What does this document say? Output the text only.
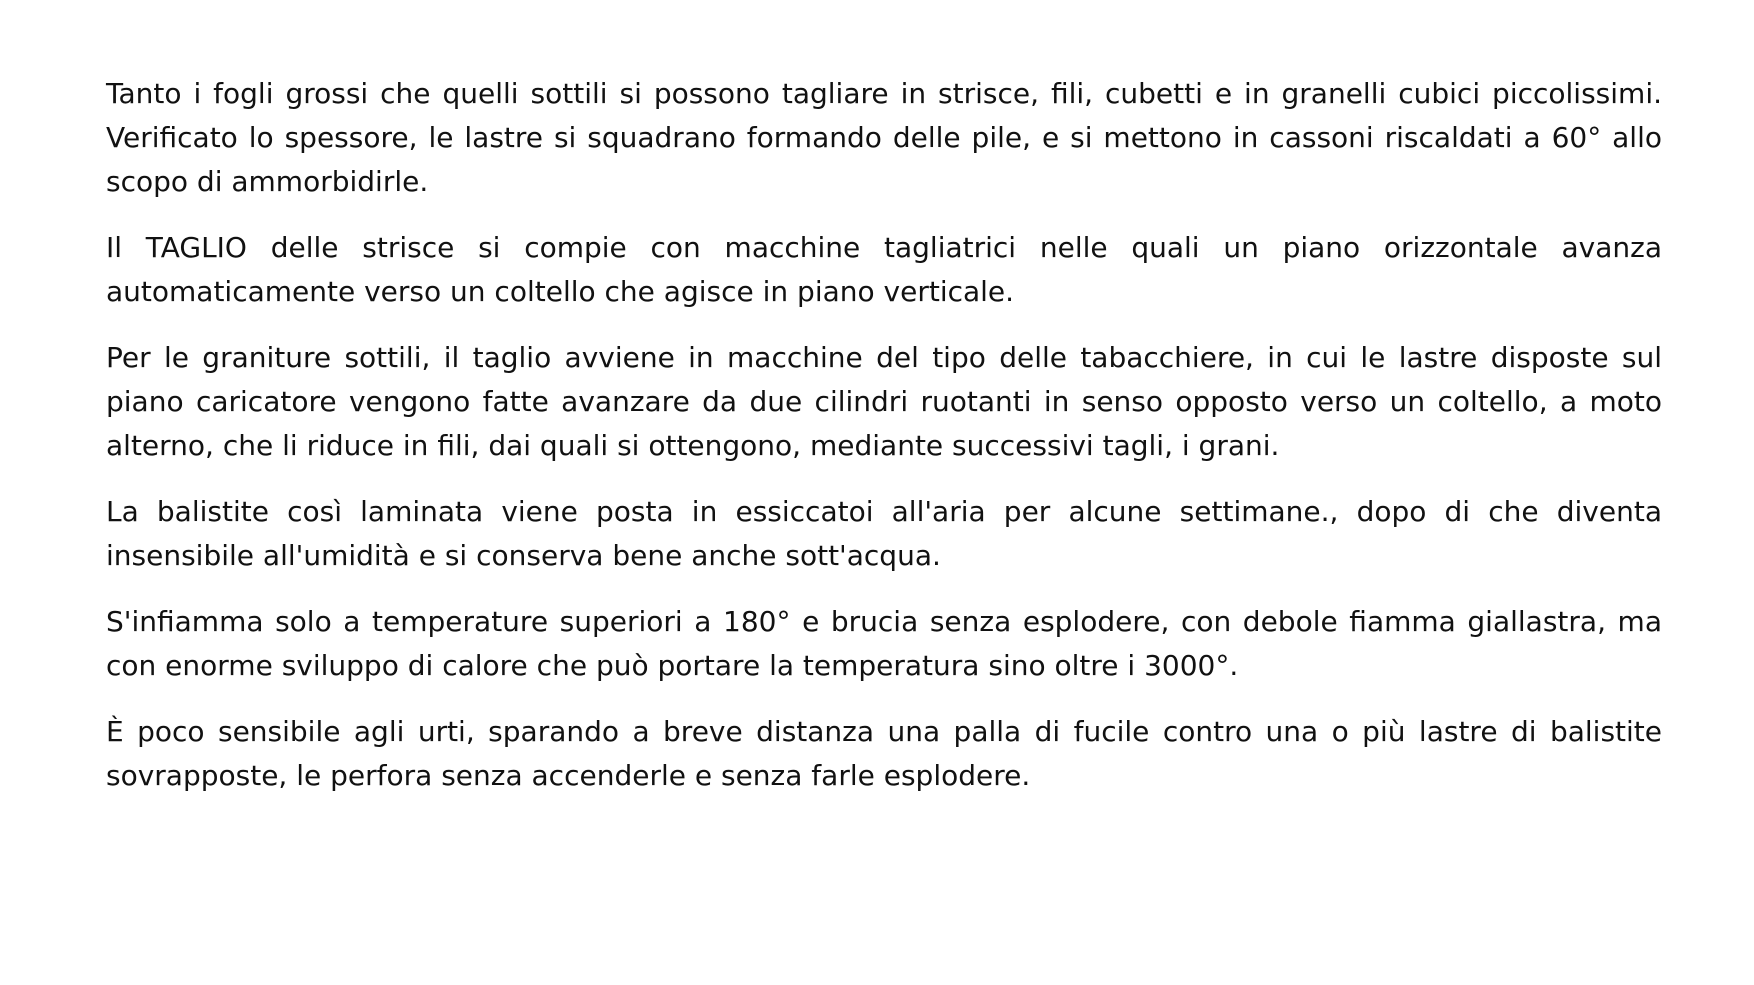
Tanto i fogli grossi che quelli sottili si possono tagliare in strisce, fili, cubetti e in granelli cubici piccolissimi. Verificato lo spessore, le lastre si squadrano formando delle pile, e si mettono in cassoni riscaldati a 60° allo scopo di ammorbidirle.

Il TAGLIO delle strisce si compie con macchine tagliatrici nelle quali un piano orizzontale avanza automaticamente verso un coltello che agisce in piano verticale.

Per le graniture sottili, il taglio avviene in macchine del tipo delle tabacchiere, in cui le lastre disposte sul piano caricatore vengono fatte avanzare da due cilindri ruotanti in senso opposto verso un coltello, a moto alterno, che li riduce in fili, dai quali si ottengono, mediante successivi tagli, i grani.

La balistite così laminata viene posta in essiccatoi all'aria per alcune settimane., dopo di che diventa insensibile all'umidità e si conserva bene anche sott'acqua.

S'infiamma solo a temperature superiori a 180° e brucia senza esplodere, con debole fiamma giallastra, ma con enorme sviluppo di calore che può portare la temperatura sino oltre i 3000°.

È poco sensibile agli urti, sparando a breve distanza una palla di fucile contro una o più lastre di balistite sovrapposte, le perfora senza accenderle e senza farle esplodere.
